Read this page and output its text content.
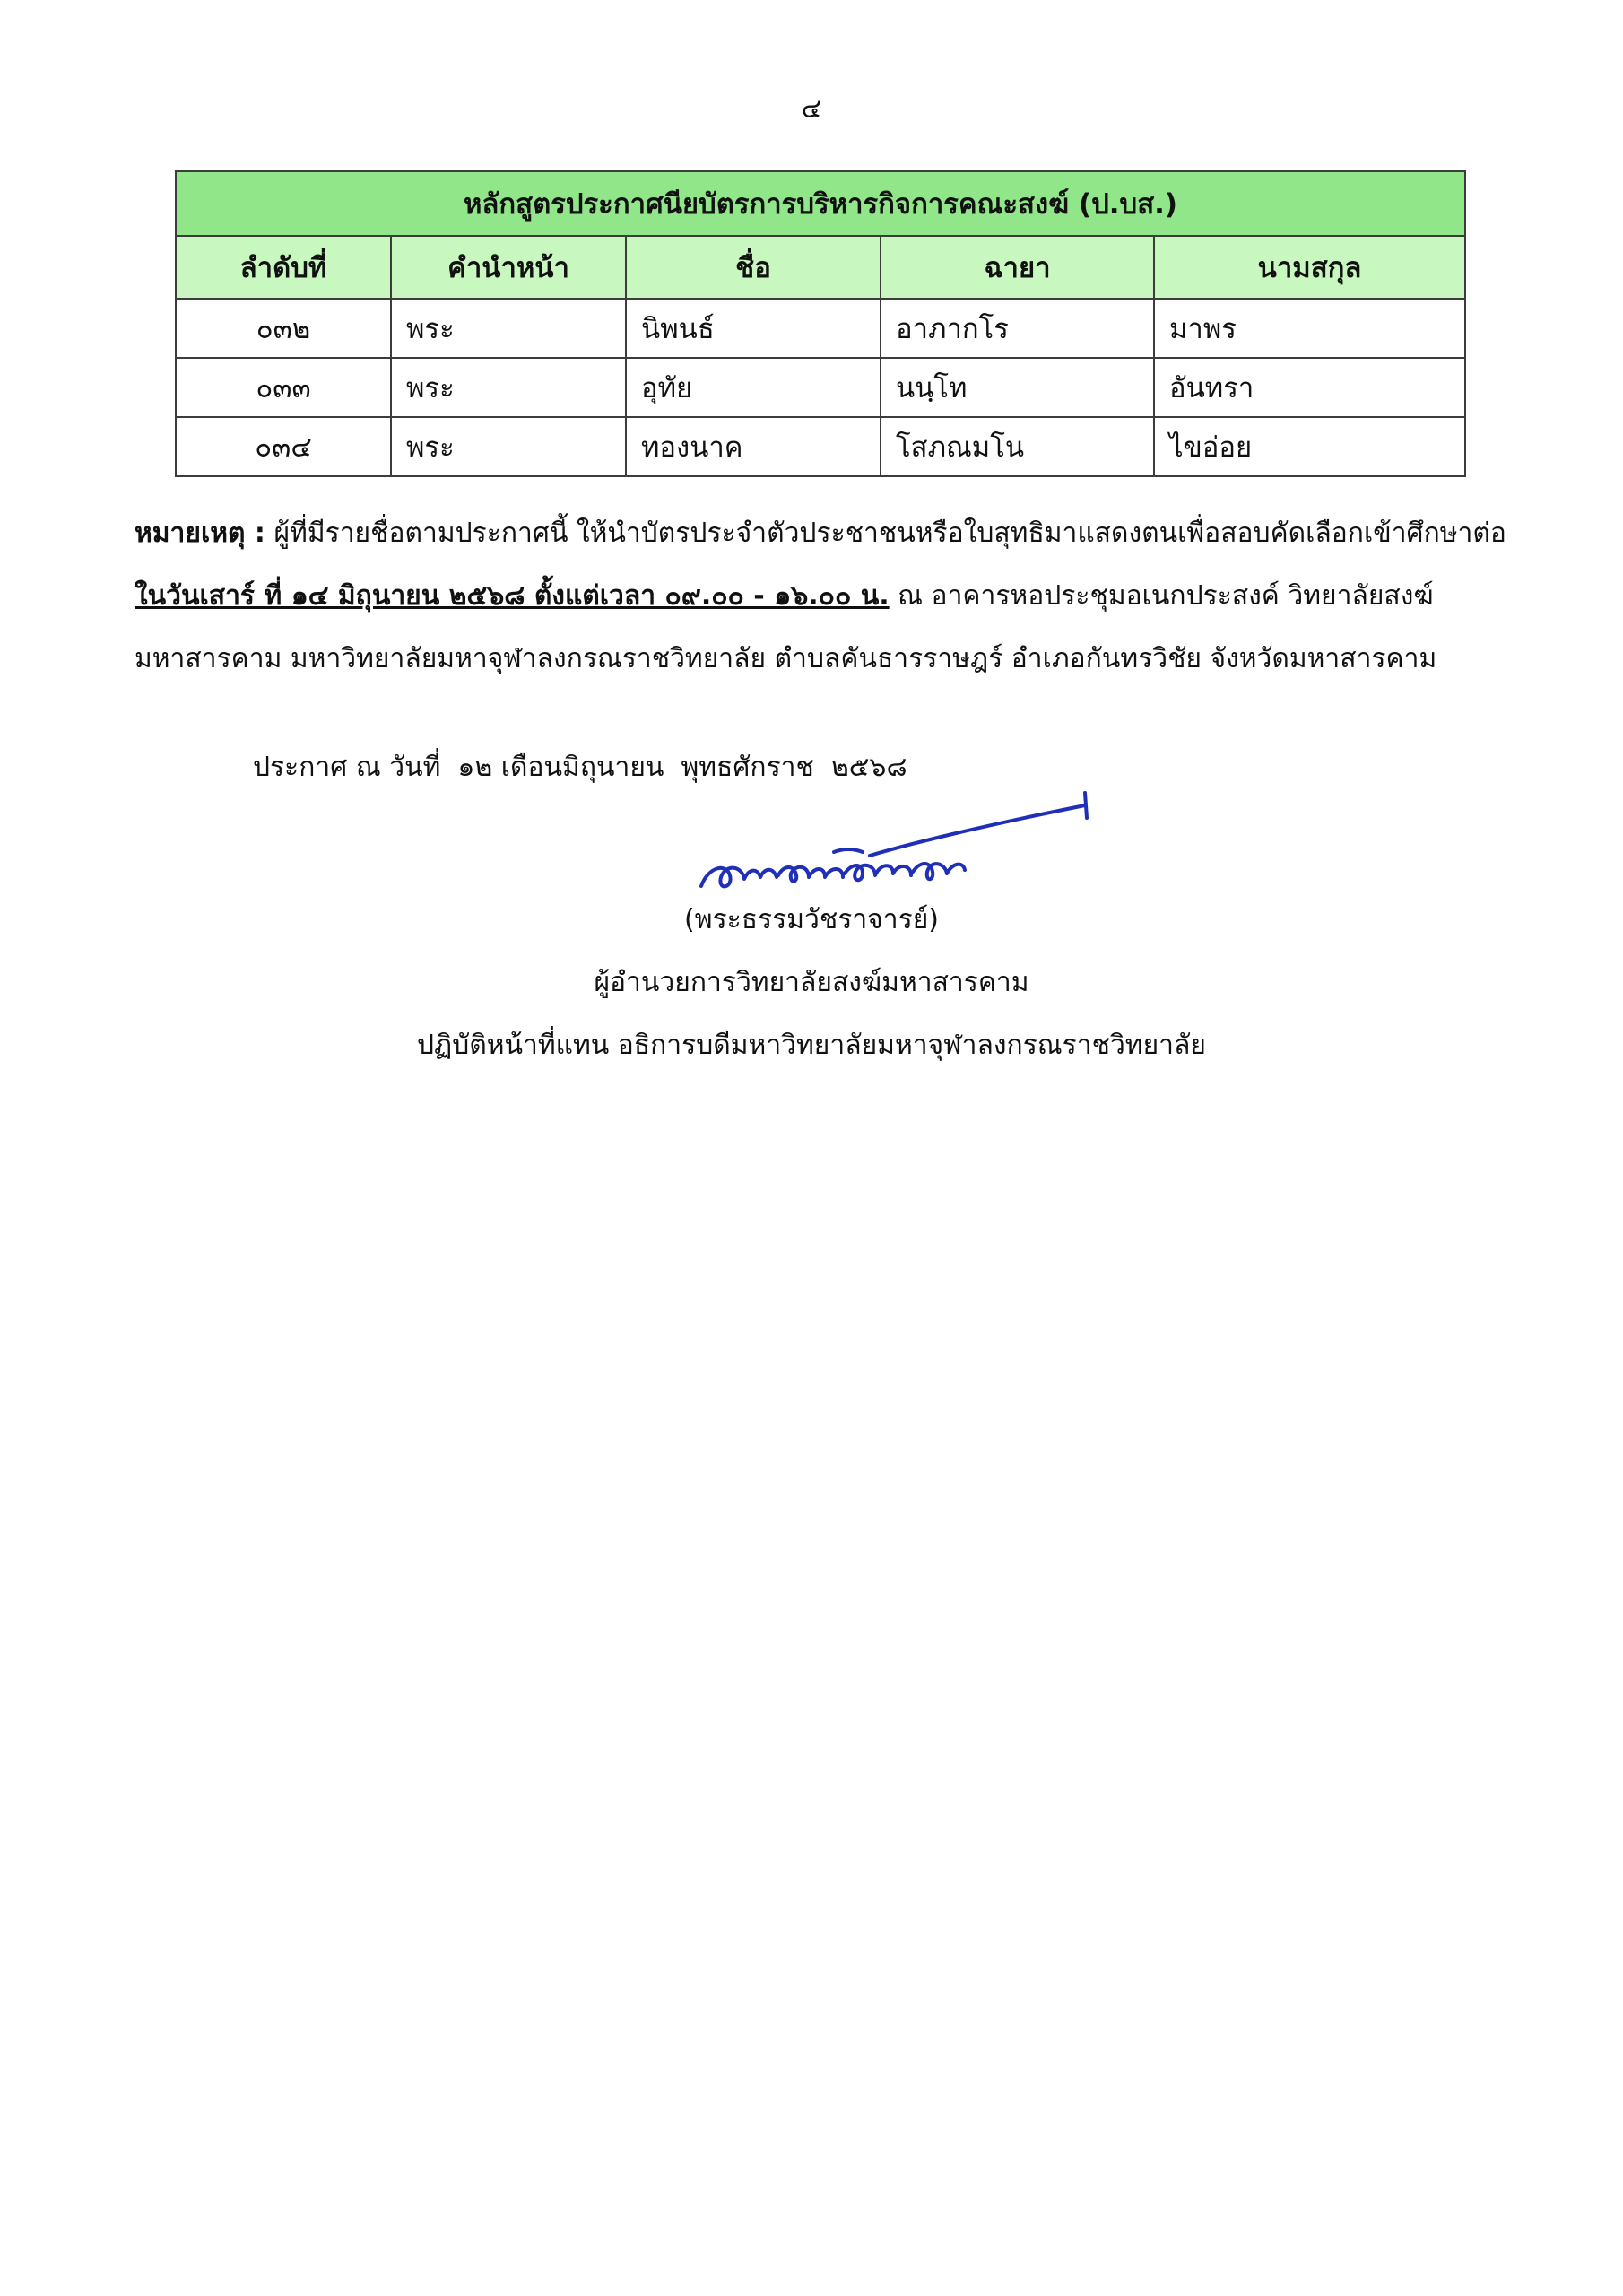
๔
หลักสูตรประกาศนียบัตรการบริหารกิจการคณะสงฆ์ (ป.บส.)				
ลำดับที่	คำนำหน้า	ชื่อ	ฉายา	นามสกุล
๐๓๒	พระ	นิพนธ์	อาภากโร	มาพร
๐๓๓	พระ	อุทัย	นนฺโท	อันทรา
๐๓๔	พระ	ทองนาค	โสภณมโน	ไขอ่อย
หมายเหตุ : ผู้ที่มีรายชื่อตามประกาศนี้ ให้นำบัตรประจำตัวประชาชนหรือใบสุทธิมาแสดงตนเพื่อสอบคัดเลือกเข้าศึกษาต่อ
ในวันเสาร์ ที่ ๑๔ มิถุนายน ๒๕๖๘ ตั้งแต่เวลา ๐๙.๐๐ - ๑๖.๐๐ น. ณ อาคารหอประชุมอเนกประสงค์ วิทยาลัยสงฆ์
มหาสารคาม มหาวิทยาลัยมหาจุฬาลงกรณราชวิทยาลัย ตำบลคันธารราษฎร์ อำเภอกันทรวิชัย จังหวัดมหาสารคาม
ประกาศ ณ วันที่  ๑๒ เดือนมิถุนายน  พุทธศักราช  ๒๕๖๘
(พระธรรมวัชราจารย์)
ผู้อำนวยการวิทยาลัยสงฆ์มหาสารคาม
ปฏิบัติหน้าที่แทน อธิการบดีมหาวิทยาลัยมหาจุฬาลงกรณราชวิทยาลัย
